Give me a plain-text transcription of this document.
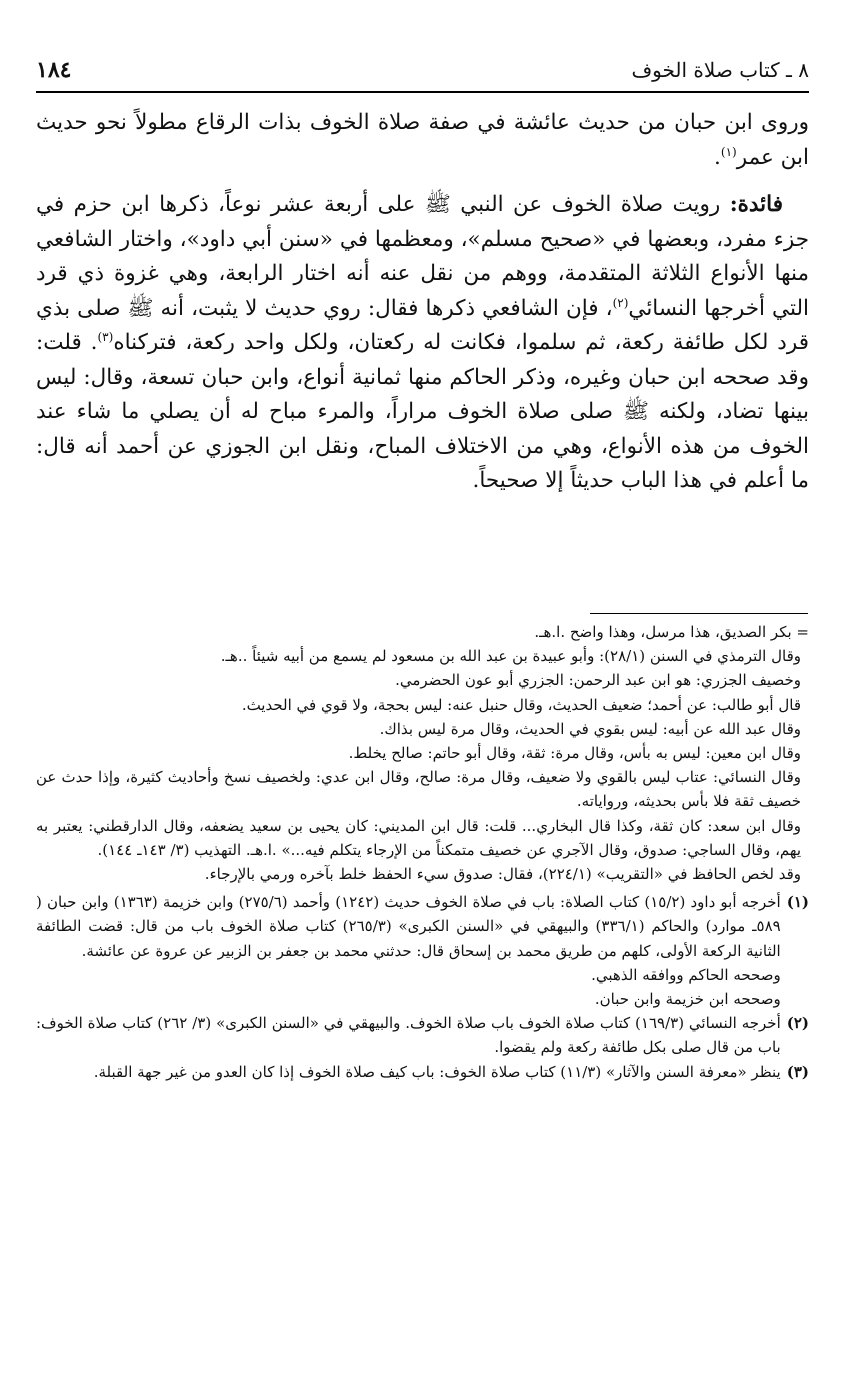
٨ ـ كتاب صلاة الخوف
١٨٤

وروى ابن حبان من حديث عائشة في صفة صلاة الخوف بذات الرقاع مطولاً نحو حديث ابن عمر$^{(١)}$.

فائدة: رويت صلاة الخوف عن النبي ﷺ على أربعة عشر نوعاً، ذكرها ابن حزم في جزء مفرد، وبعضها في «صحيح مسلم»، ومعظمها في «سنن أبي داود»، واختار الشافعي منها الأنواع الثلاثة المتقدمة، ووهم من نقل عنه أنه اختار الرابعة، وهي غزوة ذي قرد التي أخرجها النسائي$^{(٢)}$، فإن الشافعي ذكرها فقال: روي حديث لا يثبت، أنه ﷺ صلى بذي قرد لكل طائفة ركعة، ثم سلموا، فكانت له ركعتان، ولكل واحد ركعة، فتركناه$^{(٣)}$. قلت: وقد صححه ابن حبان وغيره، وذكر الحاكم منها ثمانية أنواع، وابن حبان تسعة، وقال: ليس بينها تضاد، ولكنه ﷺ صلى صلاة الخوف مراراً، والمرء مباح له أن يصلي ما شاء عند الخوف من هذه الأنواع، وهي من الاختلاف المباح، ونقل ابن الجوزي عن أحمد أنه قال: ما أعلم في هذا الباب حديثاً إلا صحيحاً.

= بكر الصديق، هذا مرسل، وهذا واضح .ا.هـ.

وقال الترمذي في السنن (٢٨/١): وأبو عبيدة بن عبد الله بن مسعود لم يسمع من أبيه شيئاً ..هـ.

وخصيف الجزري: هو ابن عبد الرحمن: الجزري أبو عون الحضرمي.

قال أبو طالب: عن أحمد؛ ضعيف الحديث، وقال حنبل عنه: ليس بحجة، ولا قوي في الحديث.

وقال عبد الله عن أبيه: ليس بقوي في الحديث، وقال مرة ليس بذاك.

وقال ابن معين: ليس به بأس، وقال مرة: ثقة، وقال أبو حاتم: صالح يخلط.

وقال النسائي: عتاب ليس بالقوي ولا ضعيف، وقال مرة: صالح، وقال ابن عدي: ولخصيف نسخ وأحاديث كثيرة، وإذا حدث عن خصيف ثقة فلا بأس بحديثه، ورواياته.

وقال ابن سعد: كان ثقة، وكذا قال البخاري... قلت: قال ابن المديني: كان يحيى بن سعيد يضعفه، وقال الدارقطني: يعتبر به يهم، وقال الساجي: صدوق، وقال الآجري عن خصيف متمكناً من الإرجاء يتكلم فيه...» .ا.هـ. التهذيب (٣/ ١٤٣ـ ١٤٤).

وقد لخص الحافظ في «التقريب» (٢٢٤/١)، فقال: صدوق سيء الحفظ خلط بآخره ورمي بالإرجاء.

(١)

أخرجه أبو داود (١٥/٢) كتاب الصلاة: باب في صلاة الخوف حديث (١٢٤٢) وأحمد (٢٧٥/٦) وابن خزيمة (١٣٦٣) وابن حبان ( ٥٨٩ـ موارد) والحاكم (٣٣٦/١) والبيهقي في «السنن الكبرى» (٢٦٥/٣) كتاب صلاة الخوف باب من قال: قضت الطائفة الثانية الركعة الأولى، كلهم من طريق محمد بن إسحاق قال: حدثني محمد بن جعفر بن الزبير عن عروة عن عائشة.

وصححه الحاكم ووافقه الذهبي.

وصححه ابن خزيمة وابن حبان.

(٢)

أخرجه النسائي (١٦٩/٣) كتاب صلاة الخوف باب صلاة الخوف. والبيهقي في «السنن الكبرى» (٣/ ٢٦٢) كتاب صلاة الخوف: باب من قال صلى بكل طائفة ركعة ولم يقضوا.

(٣)

ينظر «معرفة السنن والآثار» (١١/٣) كتاب صلاة الخوف: باب كيف صلاة الخوف إذا كان العدو من غير جهة القبلة.
